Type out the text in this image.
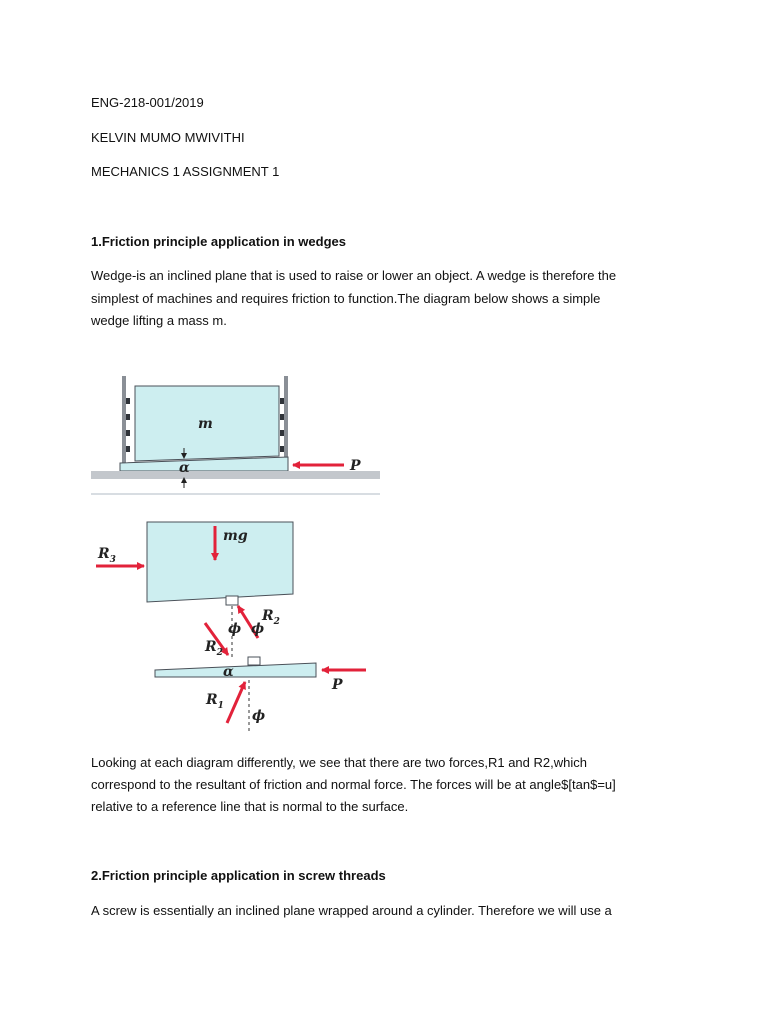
ENG-218-001/2019
KELVIN MUMO MWIVITHI
MECHANICS 1 ASSIGNMENT 1
1.Friction principle application in wedges
Wedge-is an inclined plane that is used to raise or lower an object. A wedge is therefore the
simplest of machines and requires friction to function.The diagram below shows a simple
wedge lifting a mass m.
m
P
α
mg
$R_3$
$R_2$
ϕ ϕ
$R_2$
α
P
$R_1$
ϕ
Looking at each diagram differently, we see that there are two forces,R1 and R2,which
correspond to the resultant of friction and normal force. The forces will be at angle$[tan$=u]
relative to a reference line that is normal to the surface.
2.Friction principle application in screw threads
A screw is essentially an inclined plane wrapped around a cylinder. Therefore we will use a
